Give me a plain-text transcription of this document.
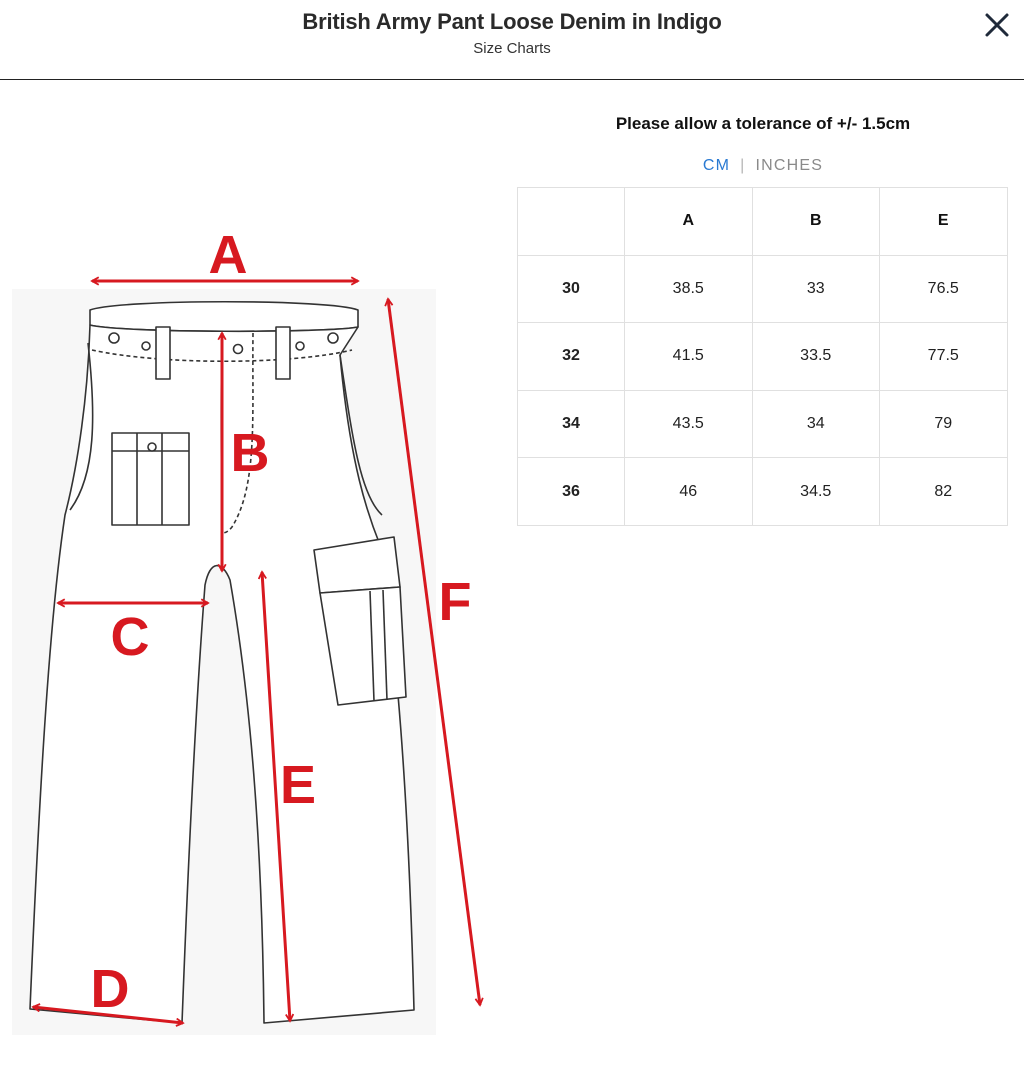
British Army Pant Loose Denim in Indigo
Size Charts
A
B
C
D
E
F
Please allow a tolerance of +/- 1.5cm
CM | INCHES
	A	B	E
30	38.5	33	76.5
32	41.5	33.5	77.5
34	43.5	34	79
36	46	34.5	82
